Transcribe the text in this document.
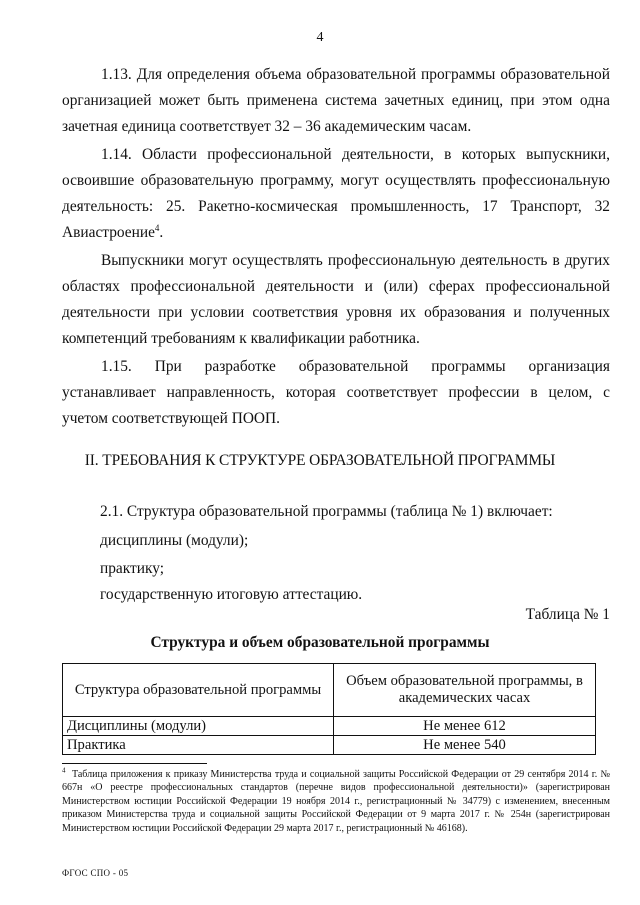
4

1.13. Для определения объема образовательной программы образовательной организацией может быть применена система зачетных единиц, при этом одна зачетная единица соответствует 32 – 36 академическим часам.

1.14. Области профессиональной деятельности, в которых выпускники, освоившие образовательную программу, могут осуществлять профессиональную деятельность: 25. Ракетно-космическая промышленность, 17 Транспорт, 32 Авиастроение$^4$.

Выпускники могут осуществлять профессиональную деятельность в других областях профессиональной деятельности и (или) сферах профессиональной деятельности при условии соответствия уровня их образования и полученных компетенций требованиям к квалификации работника.

1.15. При разработке образовательной программы организация устанавливает направленность, которая соответствует профессии в целом, с учетом соответствующей ПООП.

II. ТРЕБОВАНИЯ К СТРУКТУРЕ ОБРАЗОВАТЕЛЬНОЙ ПРОГРАММЫ
2.1. Структура образовательной программы (таблица № 1) включает:
дисциплины (модули);
практику;
государственную итоговую аттестацию.
Таблица № 1
Структура и объем образовательной программы
Структура образовательной программы	Объем образовательной программы, в академических часах
Дисциплины (модули)	Не менее 612
Практика	Не менее 540

$^4$ Таблица приложения к приказу Министерства труда и социальной защиты Российской Федерации от 29 сентября 2014 г. № 667н «О реестре профессиональных стандартов (перечне видов профессиональной деятельности)» (зарегистрирован Министерством юстиции Российской Федерации 19 ноября 2014 г., регистрационный № 34779) с изменением, внесенным приказом Министерства труда и социальной защиты Российской Федерации от 9 марта 2017 г. № 254н (зарегистрирован Министерством юстиции Российской Федерации 29 марта 2017 г., регистрационный № 46168).

ФГОС СПО - 05
